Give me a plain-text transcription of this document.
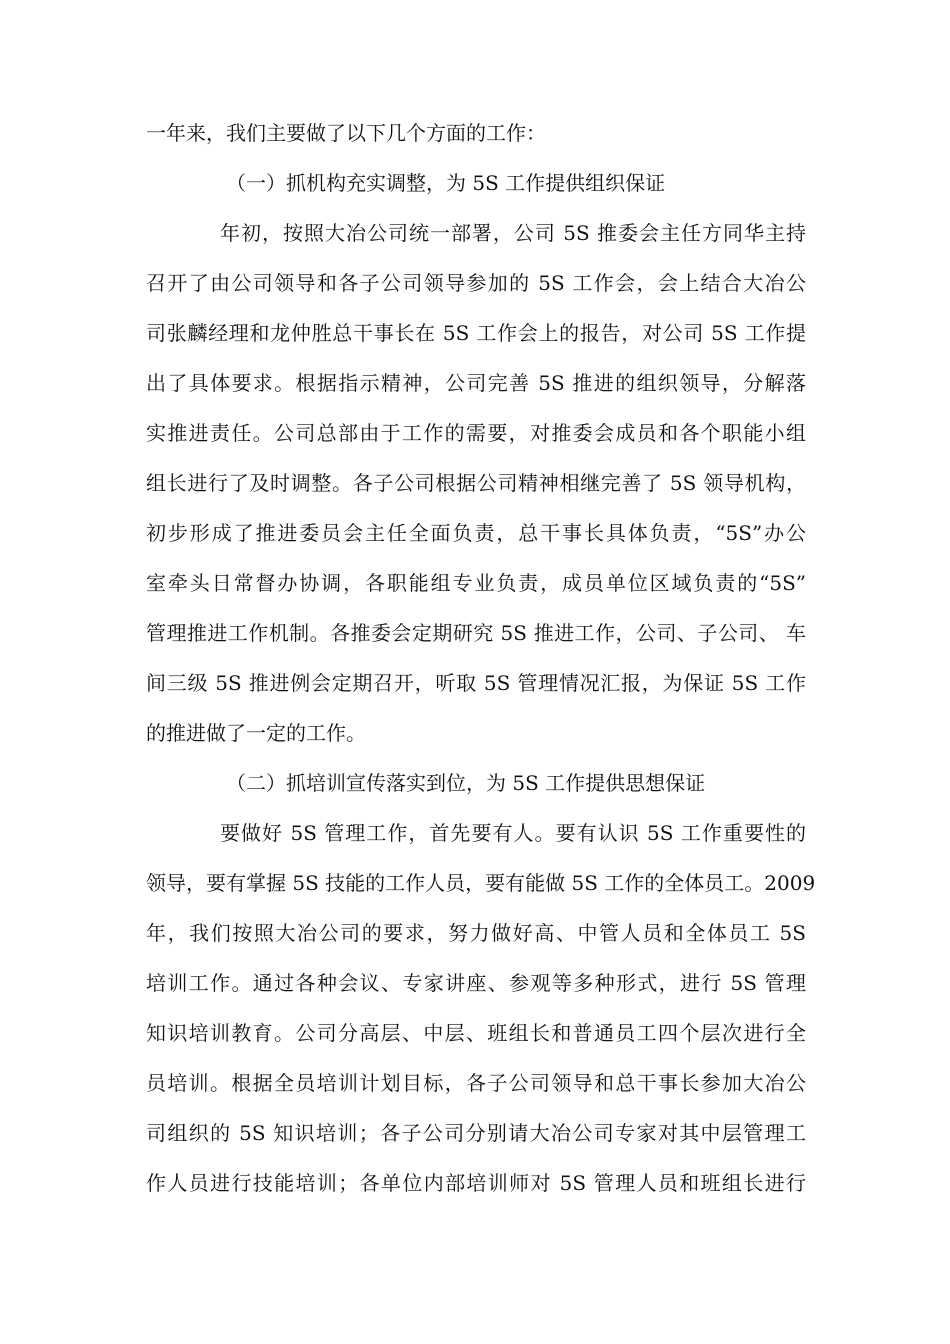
一年来，我们主要做了以下几个方面的工作：
（一）抓机构充实调整，为 5S 工作提供组织保证
年初，按照大冶公司统一部署，公司 5S 推委会主任方同华主持
召开了由公司领导和各子公司领导参加的 5S 工作会，会上结合大冶公
司张麟经理和龙仲胜总干事长在 5S 工作会上的报告，对公司 5S 工作提
出了具体要求。根据指示精神，公司完善 5S 推进的组织领导，分解落
实推进责任。公司总部由于工作的需要，对推委会成员和各个职能小组
组长进行了及时调整。各子公司根据公司精神相继完善了 5S 领导机构，
初步形成了推进委员会主任全面负责，总干事长具体负责，“5S”办公
室牵头日常督办协调，各职能组专业负责，成员单位区域负责的“5S”
管理推进工作机制。各推委会定期研究 5S 推进工作，公司、子公司、 车
间三级 5S 推进例会定期召开，听取 5S 管理情况汇报，为保证 5S 工作
的推进做了一定的工作。
（二）抓培训宣传落实到位，为 5S 工作提供思想保证
要做好 5S 管理工作，首先要有人。要有认识 5S 工作重要性的
领导，要有掌握 5S 技能的工作人员，要有能做 5S 工作的全体员工。2009
年，我们按照大冶公司的要求，努力做好高、中管人员和全体员工 5S
培训工作。通过各种会议、专家讲座、参观等多种形式，进行 5S 管理
知识培训教育。公司分高层、中层、班组长和普通员工四个层次进行全
员培训。根据全员培训计划目标，各子公司领导和总干事长参加大冶公
司组织的 5S 知识培训；各子公司分别请大冶公司专家对其中层管理工
作人员进行技能培训；各单位内部培训师对 5S 管理人员和班组长进行
